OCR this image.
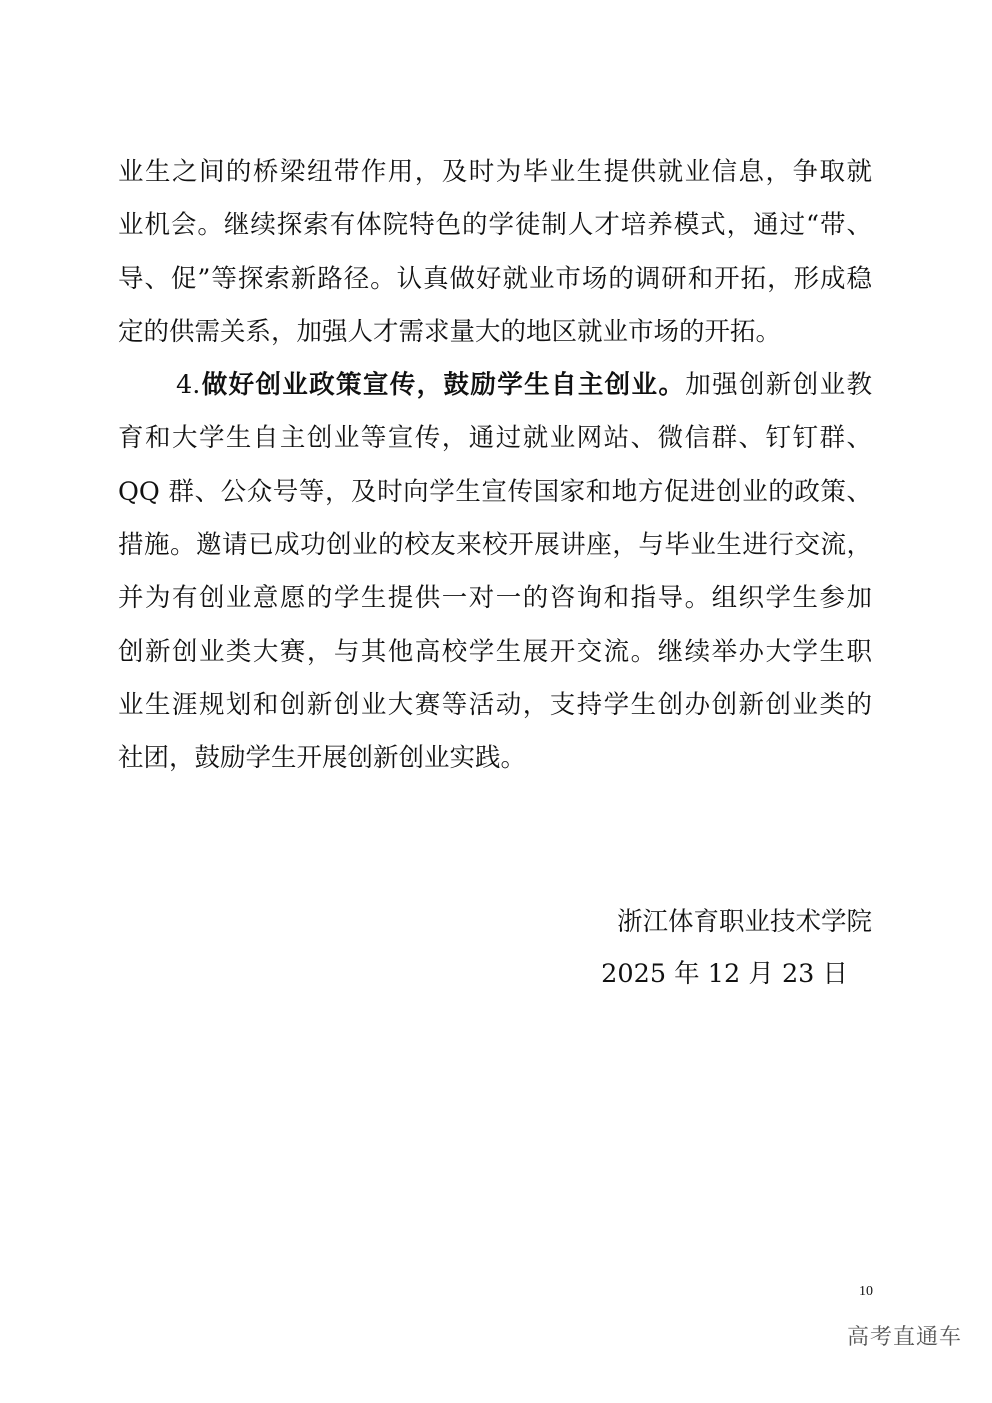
业生之间的桥梁纽带作用，及时为毕业生提供就业信息，争取就
业机会。继续探索有体院特色的学徒制人才培养模式，通过“带、
导、促”等探索新路径。认真做好就业市场的调研和开拓，形成稳
定的供需关系，加强人才需求量大的地区就业市场的开拓。
4.做好创业政策宣传，鼓励学生自主创业。加强创新创业教
育和大学生自主创业等宣传，通过就业网站、微信群、钉钉群、
QQ 群、公众号等，及时向学生宣传国家和地方促进创业的政策、
措施。邀请已成功创业的校友来校开展讲座，与毕业生进行交流，
并为有创业意愿的学生提供一对一的咨询和指导。组织学生参加
创新创业类大赛，与其他高校学生展开交流。继续举办大学生职
业生涯规划和创新创业大赛等活动，支持学生创办创新创业类的
社团，鼓励学生开展创新创业实践。
浙江体育职业技术学院
2025 年 12 月 23 日
10
高考直通车
